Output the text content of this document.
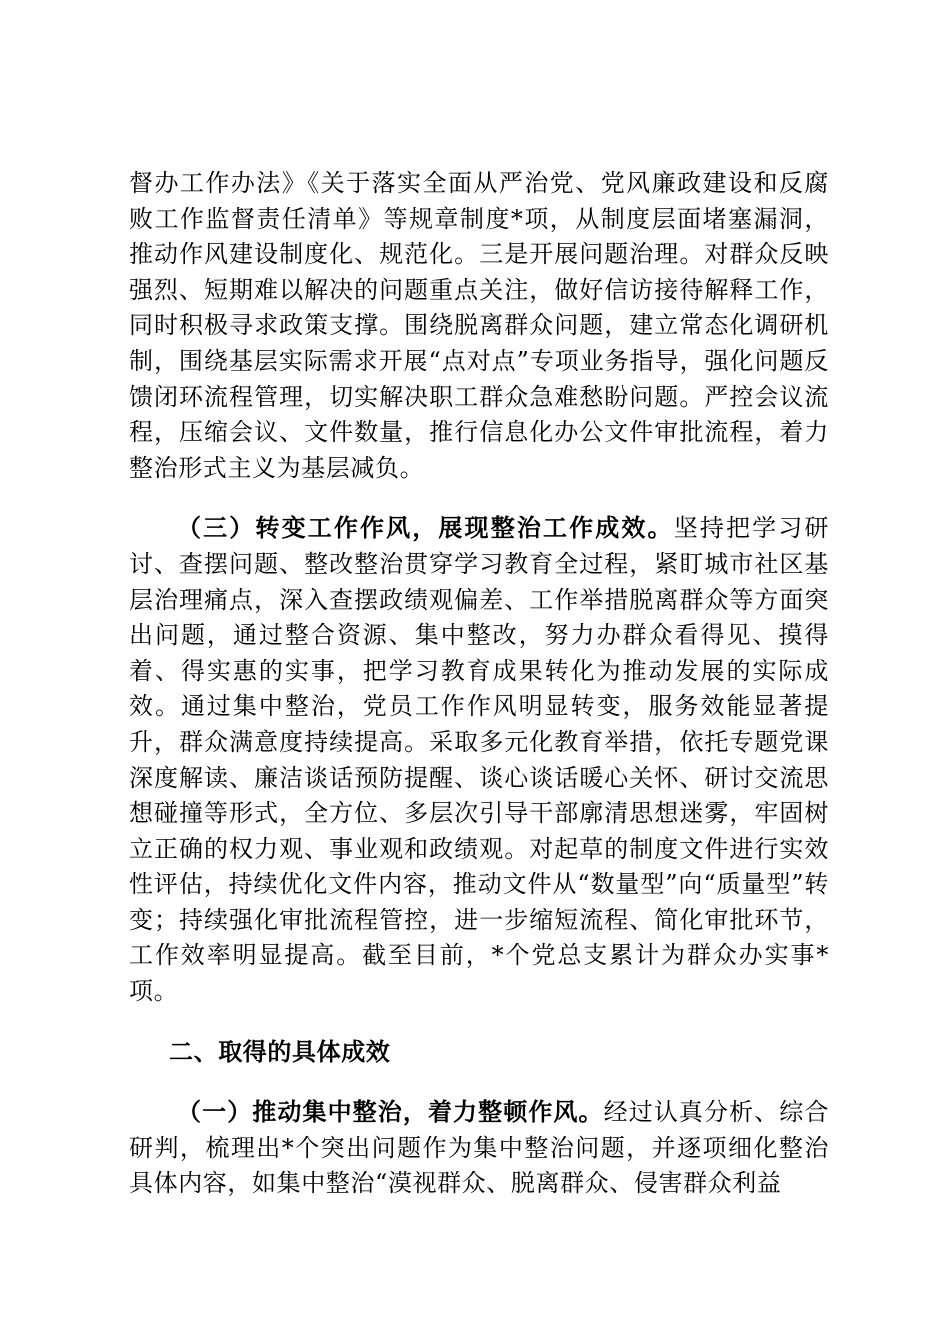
督办工作办法》《关于落实全面从严治党、党风廉政建设和反腐败工作监督责任清单》等规章制度*项，从制度层面堵塞漏洞，推动作风建设制度化、规范化。三是开展问题治理。对群众反映强烈、短期难以解决的问题重点关注，做好信访接待解释工作，同时积极寻求政策支撑。围绕脱离群众问题，建立常态化调研机制，围绕基层实际需求开展“点对点”专项业务指导，强化问题反馈闭环流程管理，切实解决职工群众急难愁盼问题。严控会议流程，压缩会议、文件数量，推行信息化办公文件审批流程，着力整治形式主义为基层减负。

（三）转变工作作风，展现整治工作成效。坚持把学习研讨、查摆问题、整改整治贯穿学习教育全过程，紧盯城市社区基层治理痛点，深入查摆政绩观偏差、工作举措脱离群众等方面突出问题，通过整合资源、集中整改，努力办群众看得见、摸得着、得实惠的实事，把学习教育成果转化为推动发展的实际成效。通过集中整治，党员工作作风明显转变，服务效能显著提升，群众满意度持续提高。采取多元化教育举措，依托专题党课深度解读、廉洁谈话预防提醒、谈心谈话暖心关怀、研讨交流思想碰撞等形式，全方位、多层次引导干部廓清思想迷雾，牢固树立正确的权力观、事业观和政绩观。对起草的制度文件进行实效性评估，持续优化文件内容，推动文件从“数量型”向“质量型”转变；持续强化审批流程管控，进一步缩短流程、简化审批环节，工作效率明显提高。截至目前，*个党总支累计为群众办实事*项。

二、取得的具体成效

（一）推动集中整治，着力整顿作风。经过认真分析、综合研判，梳理出*个突出问题作为集中整治问题，并逐项细化整治具体内容，如集中整治“漠视群众、脱离群众、侵害群众利益
